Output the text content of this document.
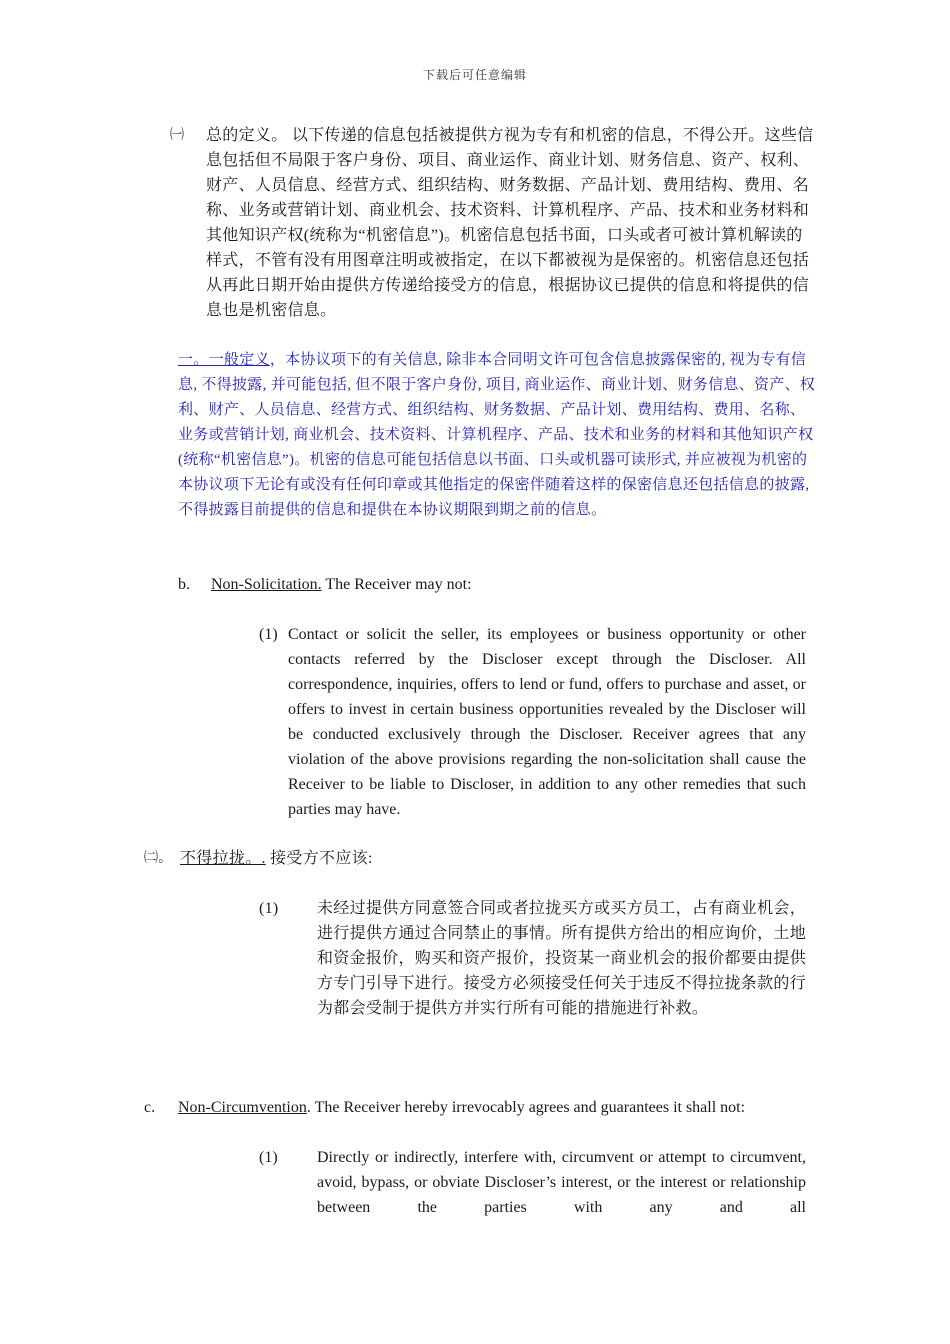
下载后可任意编辑
㈠ 总的定义。 以下传递的信息包括被提供方视为专有和机密的信息，不得公开。这些信息包括但不局限于客户身份、项目、商业运作、商业计划、财务信息、资产、权利、财产、人员信息、经营方式、组织结构、财务数据、产品计划、费用结构、费用、名称、业务或营销计划、商业机会、技术资料、计算机程序、产品、技术和业务材料和其他知识产权(统称为“机密信息”)。机密信息包括书面，口头或者可被计算机解读的样式，不管有没有用图章注明或被指定，在以下都被视为是保密的。机密信息还包括从再此日期开始由提供方传递给接受方的信息，根据协议已提供的信息和将提供的信息也是机密信息。
一。一般定义，本协议项下的有关信息, 除非本合同明文许可包含信息披露保密的, 视为专有信息, 不得披露, 并可能包括, 但不限于客户身份, 项目, 商业运作、商业计划、财务信息、资产、权利、财产、人员信息、经营方式、组织结构、财务数据、产品计划、费用结构、费用、名称、业务或营销计划, 商业机会、技术资料、计算机程序、产品、技术和业务的材料和其他知识产权(统称“机密信息”)。机密的信息可能包括信息以书面、口头或机器可读形式, 并应被视为机密的本协议项下无论有或没有任何印章或其他指定的保密伴随着这样的保密信息还包括信息的披露, 不得披露目前提供的信息和提供在本协议期限到期之前的信息。
b. Non-Solicitation. The Receiver may not:
(1) Contact or solicit the seller, its employees or business opportunity or other contacts referred by the Discloser except through the Discloser. All correspondence, inquiries, offers to lend or fund, offers to purchase and asset, or offers to invest in certain business opportunities revealed by the Discloser will be conducted exclusively through the Discloser. Receiver agrees that any violation of the above provisions regarding the non-solicitation shall cause the Receiver to be liable to Discloser, in addition to any other remedies that such parties may have.
㈡。 不得拉拢。. 接受方不应该:
(1) 未经过提供方同意签合同或者拉拢买方或买方员工，占有商业机会，进行提供方通过合同禁止的事情。所有提供方给出的相应询价，土地和资金报价，购买和资产报价，投资某一商业机会的报价都要由提供方专门引导下进行。接受方必须接受任何关于违反不得拉拢条款的行为都会受制于提供方并实行所有可能的措施进行补救。
c. Non-Circumvention. The Receiver hereby irrevocably agrees and guarantees it shall not:
(1) Directly or indirectly, interfere with, circumvent or attempt to circumvent, avoid, bypass, or obviate Discloser’s interest, or the interest or relationship between the parties with any and all
